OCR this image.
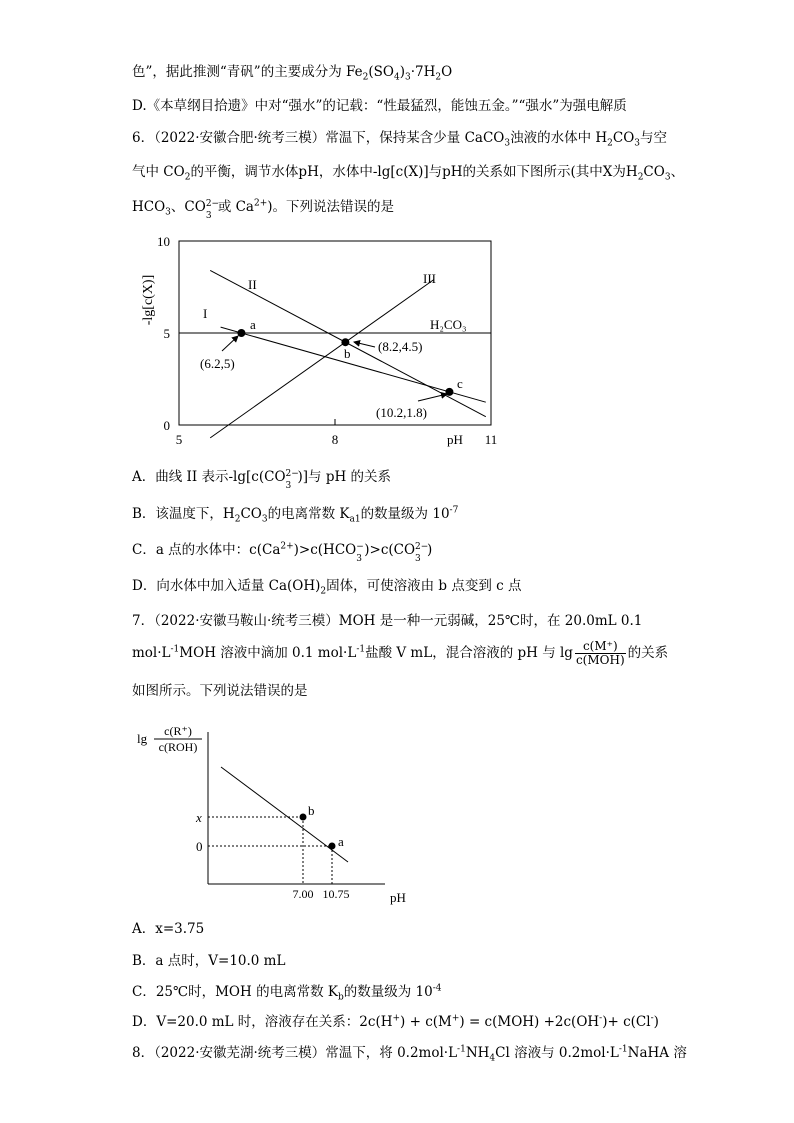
色”，据此推测“青矾”的主要成分为 $Fe_2(SO_4)_3\cdot 7H_2O$
D.《本草纲目拾遗》中对“强水”的记载：“性最猛烈，能蚀五金。”“强水”为强电解质
6．（2022·安徽合肥·统考三模）常温下，保持某含少量 CaCO$_3$浊液的水体中 $H_2CO_3$与空
气中 $CO_2$的平衡，调节水体pH，水体中-lg[c(X)]与pH的关系如下图所示(其中X为$H_2CO_3$、
$HCO_3$、CO 2−
3
或 $Ca^{2+}$)。下列说法错误的是
5	8	11
10
5
0
-lg[c(X)]
pH
I
II	III
H₂CO₃
a
b
c
(6.2,5)
(8.2,4.5)
(10.2,1.8)
A．曲线 II 表示-lg[c(CO 2−
3
)]与 pH 的关系
B．该温度下，$H_2CO_3$的电离常数 $K_{a1}$的数量级为 $10^{-7}$
C．a 点的水体中：$c(Ca^{2+})>c(HCO$ −
3
)>c(CO 2−
3
)
D．向水体中加入适量 $Ca(OH)_2$固体，可使溶液由 b 点变到 c 点
7．（2022·安徽马鞍山·统考三模）MOH 是一种一元弱碱，25℃时，在 20.0mL 0.1
$mol\cdot L^{-1}MOH$ 溶液中滴加 0.1 $mol\cdot L^{-1}$盐酸 V mL，混合溶液的 pH 与 $\lg \frac{c(M^+)}{\text{c(MOH)}}$ 的关系
如图所示。下列说法错误的是
lg c(R⁺)
c(ROH)
pH
b
a
x
0
7.00 10.75
A．x=3.75
B．a 点时，V=10.0 mL
C．25℃时，MOH 的电离常数 $K_b$的数量级为 $10^{-4}$
D．V=20.0 mL 时，溶液存在关系：2c(H+) + c(M+) = c(MOH) +2c(OH-)+ c(Cl-)
8．（2022·安徽芜湖·统考三模）常温下，将 $0.2mol\cdot L^{-1}NH_4Cl$ 溶液与 $0.2mol\cdot L^{-1}NaHA$ 溶
